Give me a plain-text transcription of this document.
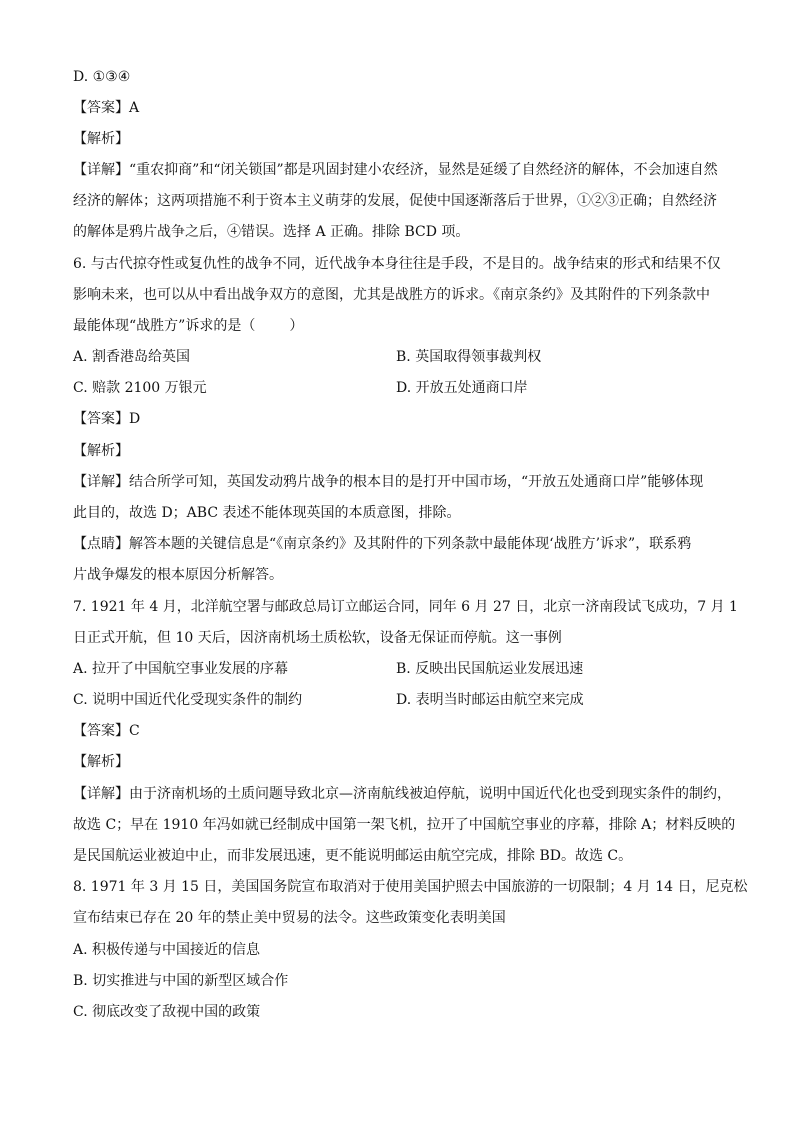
D. ①③④
【答案】A
【解析】
【详解】“重农抑商”和“闭关锁国”都是巩固封建小农经济，显然是延缓了自然经济的解体，不会加速自然
经济的解体；这两项措施不利于资本主义萌芽的发展，促使中国逐渐落后于世界，①②③正确；自然经济
的解体是鸦片战争之后，④错误。选择 A 正确。排除 BCD 项。
6. 与古代掠夺性或复仇性的战争不同，近代战争本身往往是手段，不是目的。战争结束的形式和结果不仅
影响未来，也可以从中看出战争双方的意图，尤其是战胜方的诉求。《南京条约》及其附件的下列条款中
最能体现“战胜方”诉求的是（ ）
A. 割香港岛给英国	B. 英国取得领事裁判权
C. 赔款 2100 万银元	D. 开放五处通商口岸
【答案】D
【解析】
【详解】结合所学可知，英国发动鸦片战争的根本目的是打开中国市场，“开放五处通商口岸”能够体现
此目的，故选 D；ABC 表述不能体现英国的本质意图，排除。
【点睛】解答本题的关键信息是“《南京条约》及其附件的下列条款中最能体现‘战胜方’诉求”，联系鸦
片战争爆发的根本原因分析解答。
7. 1921 年 4 月，北洋航空署与邮政总局订立邮运合同，同年 6 月 27 日，北京一济南段试飞成功，7 月 1
日正式开航，但 10 天后，因济南机场土质松软，设备无保证而停航。这一事例
A. 拉开了中国航空事业发展的序幕	B. 反映出民国航运业发展迅速
C. 说明中国近代化受现实条件的制约	D. 表明当时邮运由航空来完成
【答案】C
【解析】
【详解】由于济南机场的土质问题导致北京—济南航线被迫停航，说明中国近代化也受到现实条件的制约，
故选 C；早在 1910 年冯如就已经制成中国第一架飞机，拉开了中国航空事业的序幕，排除 A；材料反映的
是民国航运业被迫中止，而非发展迅速，更不能说明邮运由航空完成，排除 BD。故选 C。
8. 1971 年 3 月 15 日，美国国务院宣布取消对于使用美国护照去中国旅游的一切限制；4 月 14 日，尼克松
宣布结束已存在 20 年的禁止美中贸易的法令。这些政策变化表明美国
A. 积极传递与中国接近的信息
B. 切实推进与中国的新型区域合作
C. 彻底改变了敌视中国的政策
